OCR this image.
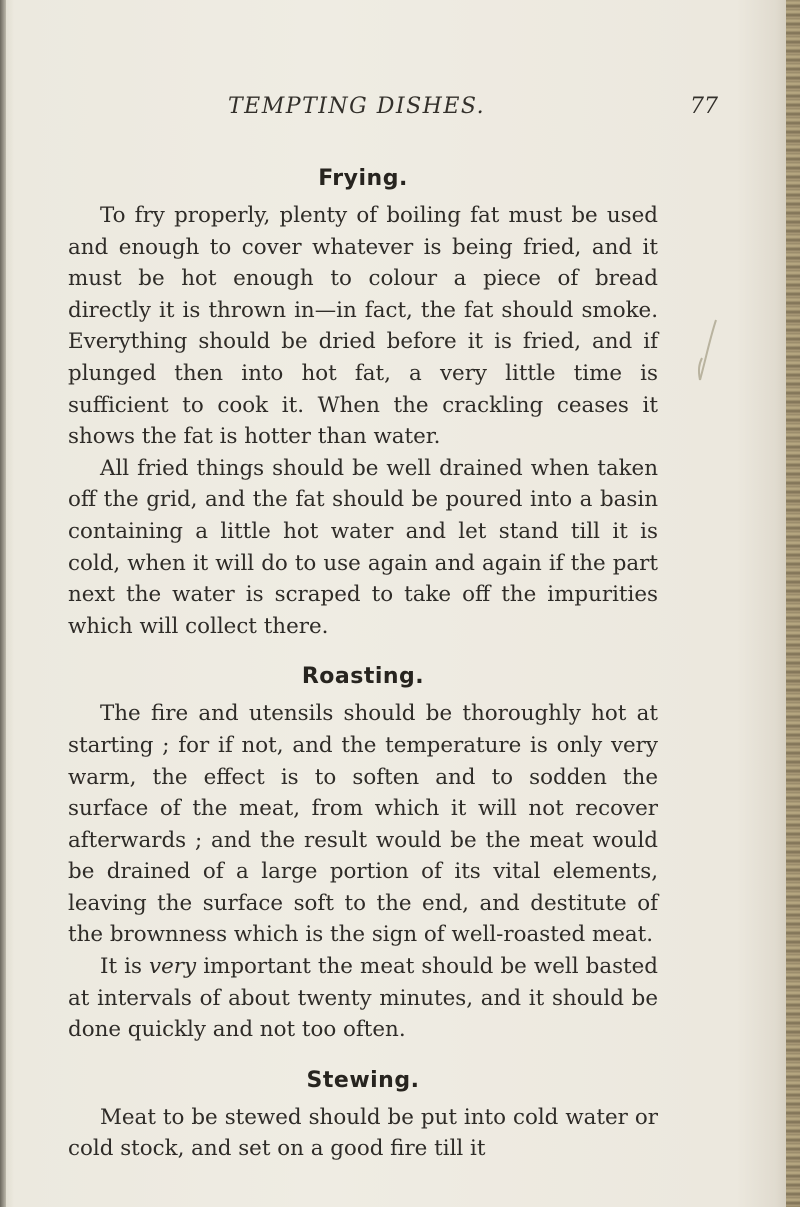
TEMPTING DISHES.	77
Frying.

To fry properly, plenty of boiling fat must be used and enough to cover whatever is being fried, and it must be hot enough to colour a piece of bread directly it is thrown in—in fact, the fat should smoke. Everything should be dried before it is fried, and if plunged then into hot fat, a very little time is sufficient to cook it. When the crackling ceases it shows the fat is hotter than water.

All fried things should be well drained when taken off the grid, and the fat should be poured into a basin containing a little hot water and let stand till it is cold, when it will do to use again and again if the part next the water is scraped to take off the impurities which will collect there.

Roasting.

The fire and utensils should be thoroughly hot at starting ; for if not, and the temperature is only very warm, the effect is to soften and to sodden the surface of the meat, from which it will not recover afterwards ; and the result would be the meat would be drained of a large portion of its vital elements, leaving the surface soft to the end, and destitute of the brownness which is the sign of well-roasted meat.

It is very important the meat should be well basted at intervals of about twenty minutes, and it should be done quickly and not too often.

Stewing.

Meat to be stewed should be put into cold water or cold stock, and set on a good fire till it
